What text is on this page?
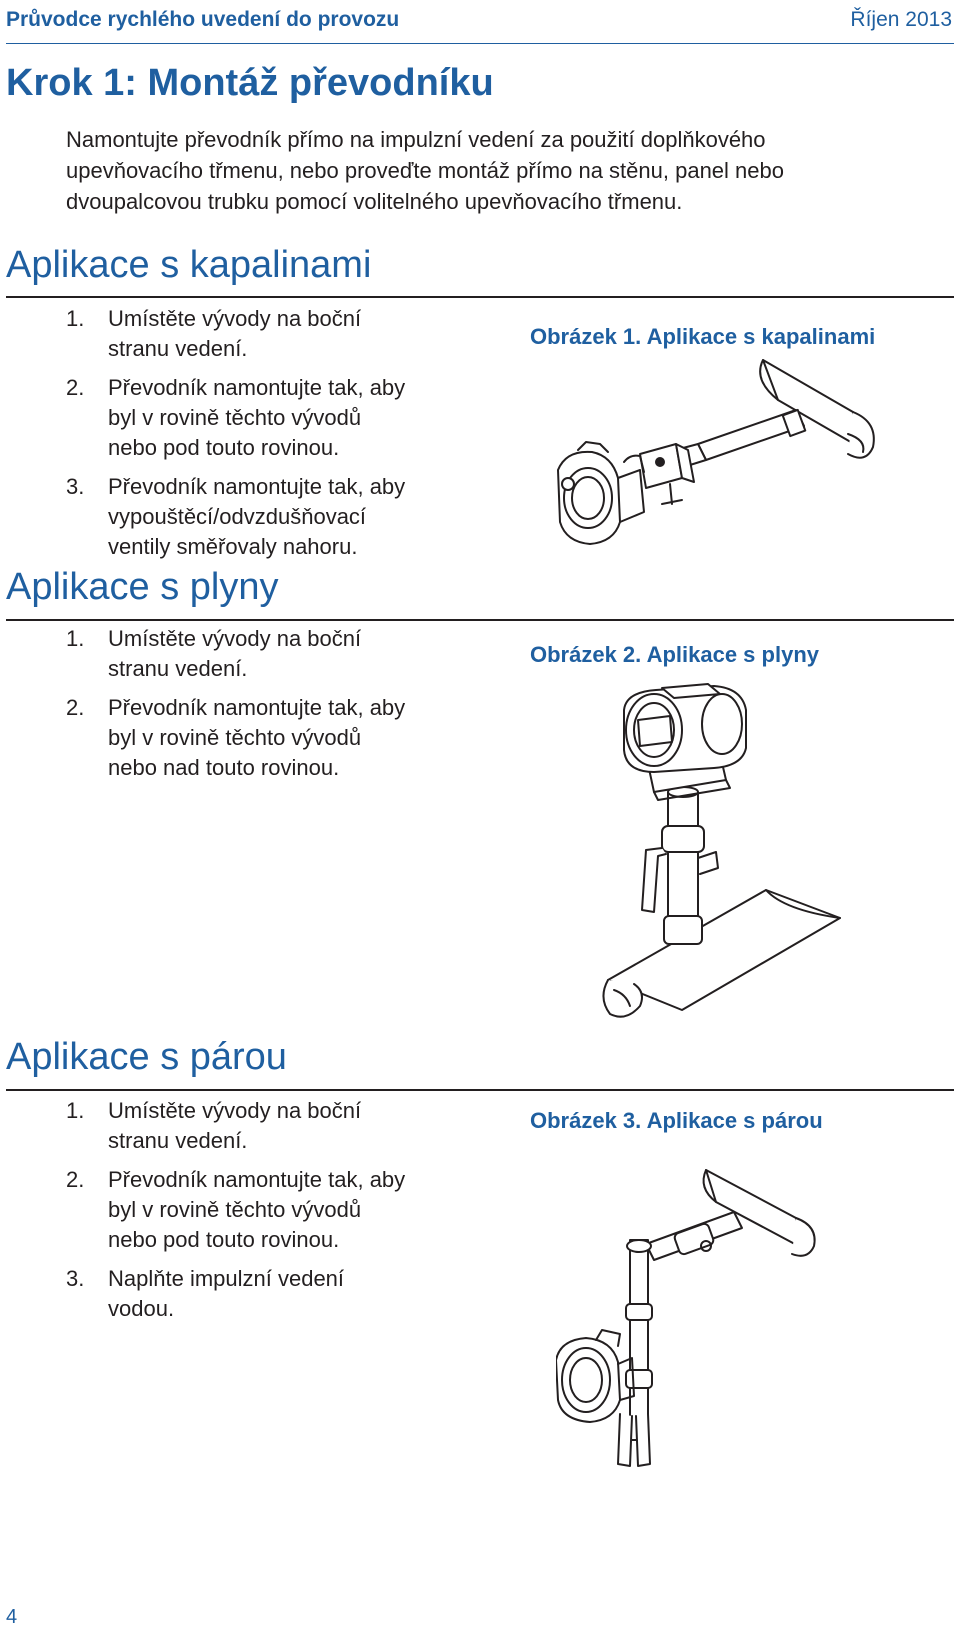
Průvodce rychlého uvedení do provozu	Říjen 2013
Krok 1: Montáž převodníku

Namontujte převodník přímo na impulzní vedení za použití doplňkového

upevňovacího třmenu, nebo proveďte montáž přímo na stěnu, panel nebo

dvoupalcovou trubku pomocí volitelného upevňovacího třmenu.

Aplikace s kapalinami
1. Umístěte vývody na boční
stranu vedení.
2. Převodník namontujte tak, aby
byl v rovině těchto vývodů
nebo pod touto rovinou.
3. Převodník namontujte tak, aby
vypouštěcí/odvzdušňovací
ventily směřovaly nahoru.
Obrázek 1. Aplikace s kapalinami
Aplikace s plyny
1. Umístěte vývody na boční
stranu vedení.
2. Převodník namontujte tak, aby
byl v rovině těchto vývodů
nebo nad touto rovinou.
Obrázek 2. Aplikace s plyny
Aplikace s párou
1. Umístěte vývody na boční
stranu vedení.
2. Převodník namontujte tak, aby
byl v rovině těchto vývodů
nebo pod touto rovinou.
3. Naplňte impulzní vedení
vodou.
Obrázek 3. Aplikace s párou
4
